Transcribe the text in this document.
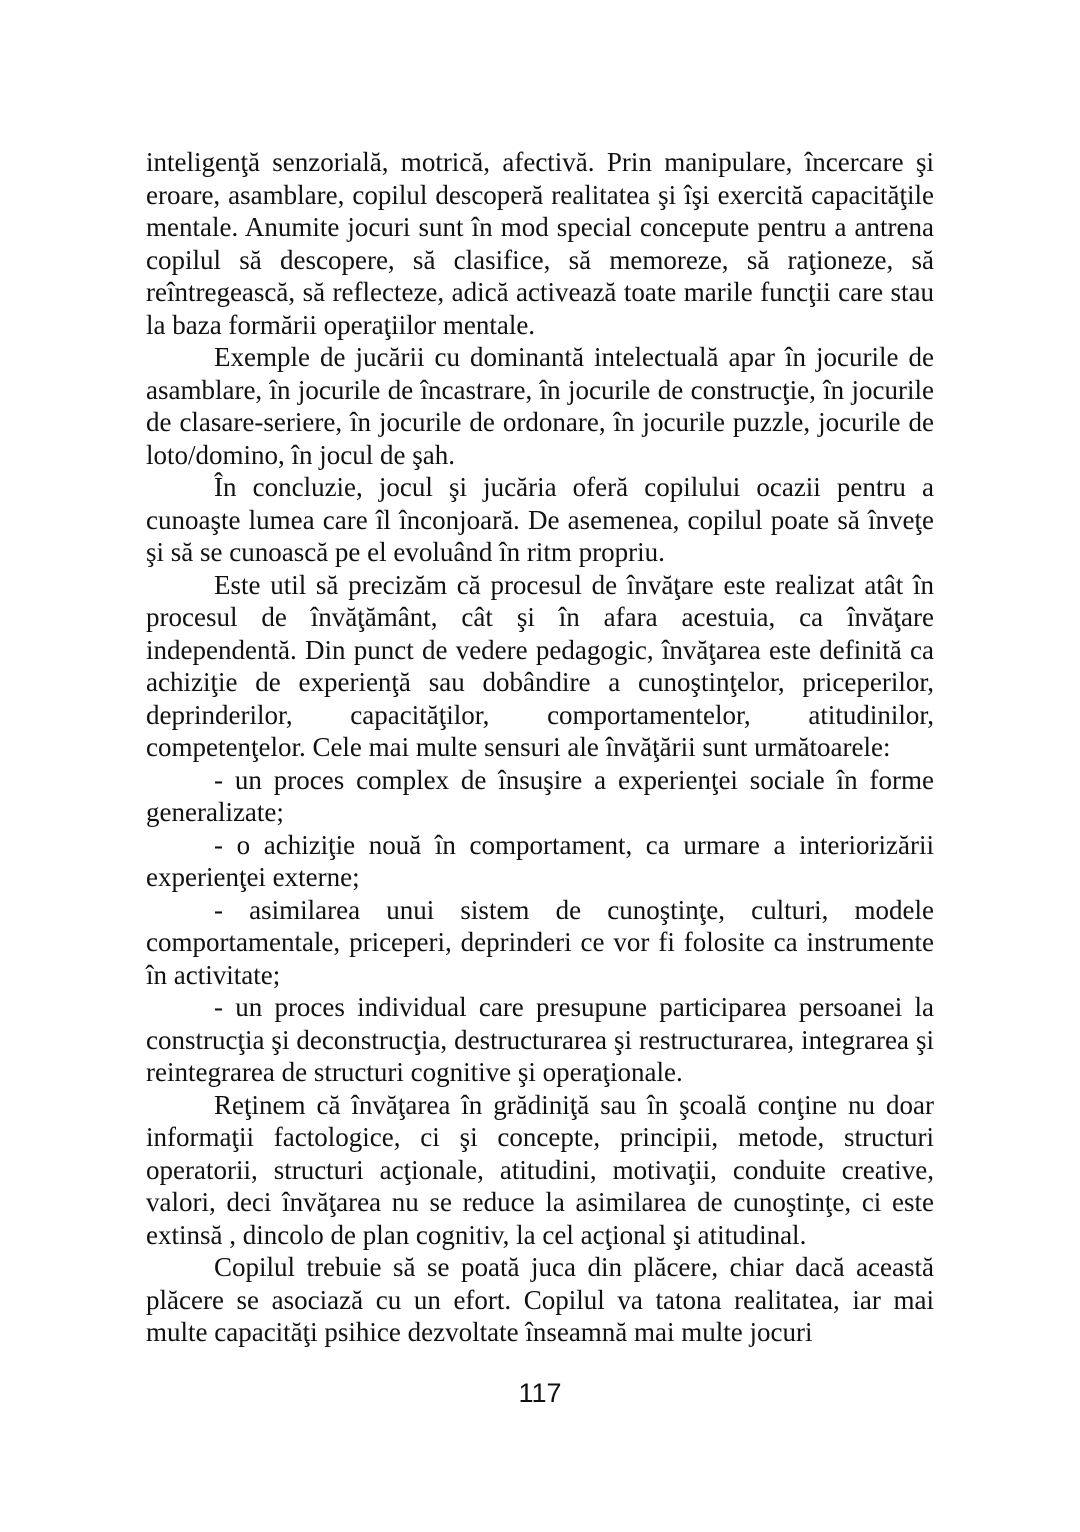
inteligenţă senzorială, motrică, afectivă. Prin manipulare, încercare şi eroare, asamblare, copilul descoperă realitatea şi îşi exercită capacităţile mentale. Anumite jocuri sunt în mod special concepute pentru a antrena copilul să descopere, să clasifice, să memoreze, să raţioneze, să reîntregească, să reflecteze, adică activează toate marile funcţii care stau la baza formării operaţiilor mentale.

Exemple de jucării cu dominantă intelectuală apar în jocurile de asamblare, în jocurile de încastrare, în jocurile de construcţie, în jocurile de clasare-seriere, în jocurile de ordonare, în jocurile puzzle, jocurile de loto/domino, în jocul de şah.

În concluzie, jocul şi jucăria oferă copilului ocazii pentru a cunoaşte lumea care îl înconjoară. De asemenea, copilul poate să înveţe şi să se cunoască pe el evoluând în ritm propriu.

Este util să precizăm că procesul de învăţare este realizat atât în procesul de învăţământ, cât şi în afara acestuia, ca învăţare independentă. Din punct de vedere pedagogic, învăţarea este definită ca achiziţie de experienţă sau dobândire a cunoştinţelor, priceperilor, deprinderilor, capacităţilor, comportamentelor, atitudinilor, competenţelor. Cele mai multe sensuri ale învăţării sunt următoarele:

- un proces complex de însuşire a experienţei sociale în forme generalizate;

- o achiziţie nouă în comportament, ca urmare a interiorizării experienţei externe;

- asimilarea unui sistem de cunoştinţe, culturi, modele comportamentale, priceperi, deprinderi ce vor fi folosite ca instrumente în activitate;

- un proces individual care presupune participarea persoanei la construcţia şi deconstrucţia, destructurarea şi restructurarea, integrarea şi reintegrarea de structuri cognitive şi operaţionale.

Reţinem că învăţarea în grădiniţă sau în şcoală conţine nu doar informaţii factologice, ci şi concepte, principii, metode, structuri operatorii, structuri acţionale, atitudini, motivaţii, conduite creative, valori, deci învăţarea nu se reduce la asimilarea de cunoştinţe, ci este extinsă , dincolo de plan cognitiv, la cel acţional şi atitudinal.

Copilul trebuie să se poată juca din plăcere, chiar dacă această plăcere se asociază cu un efort. Copilul va tatona realitatea, iar mai multe capacităţi psihice dezvoltate înseamnă mai multe jocuri

117
